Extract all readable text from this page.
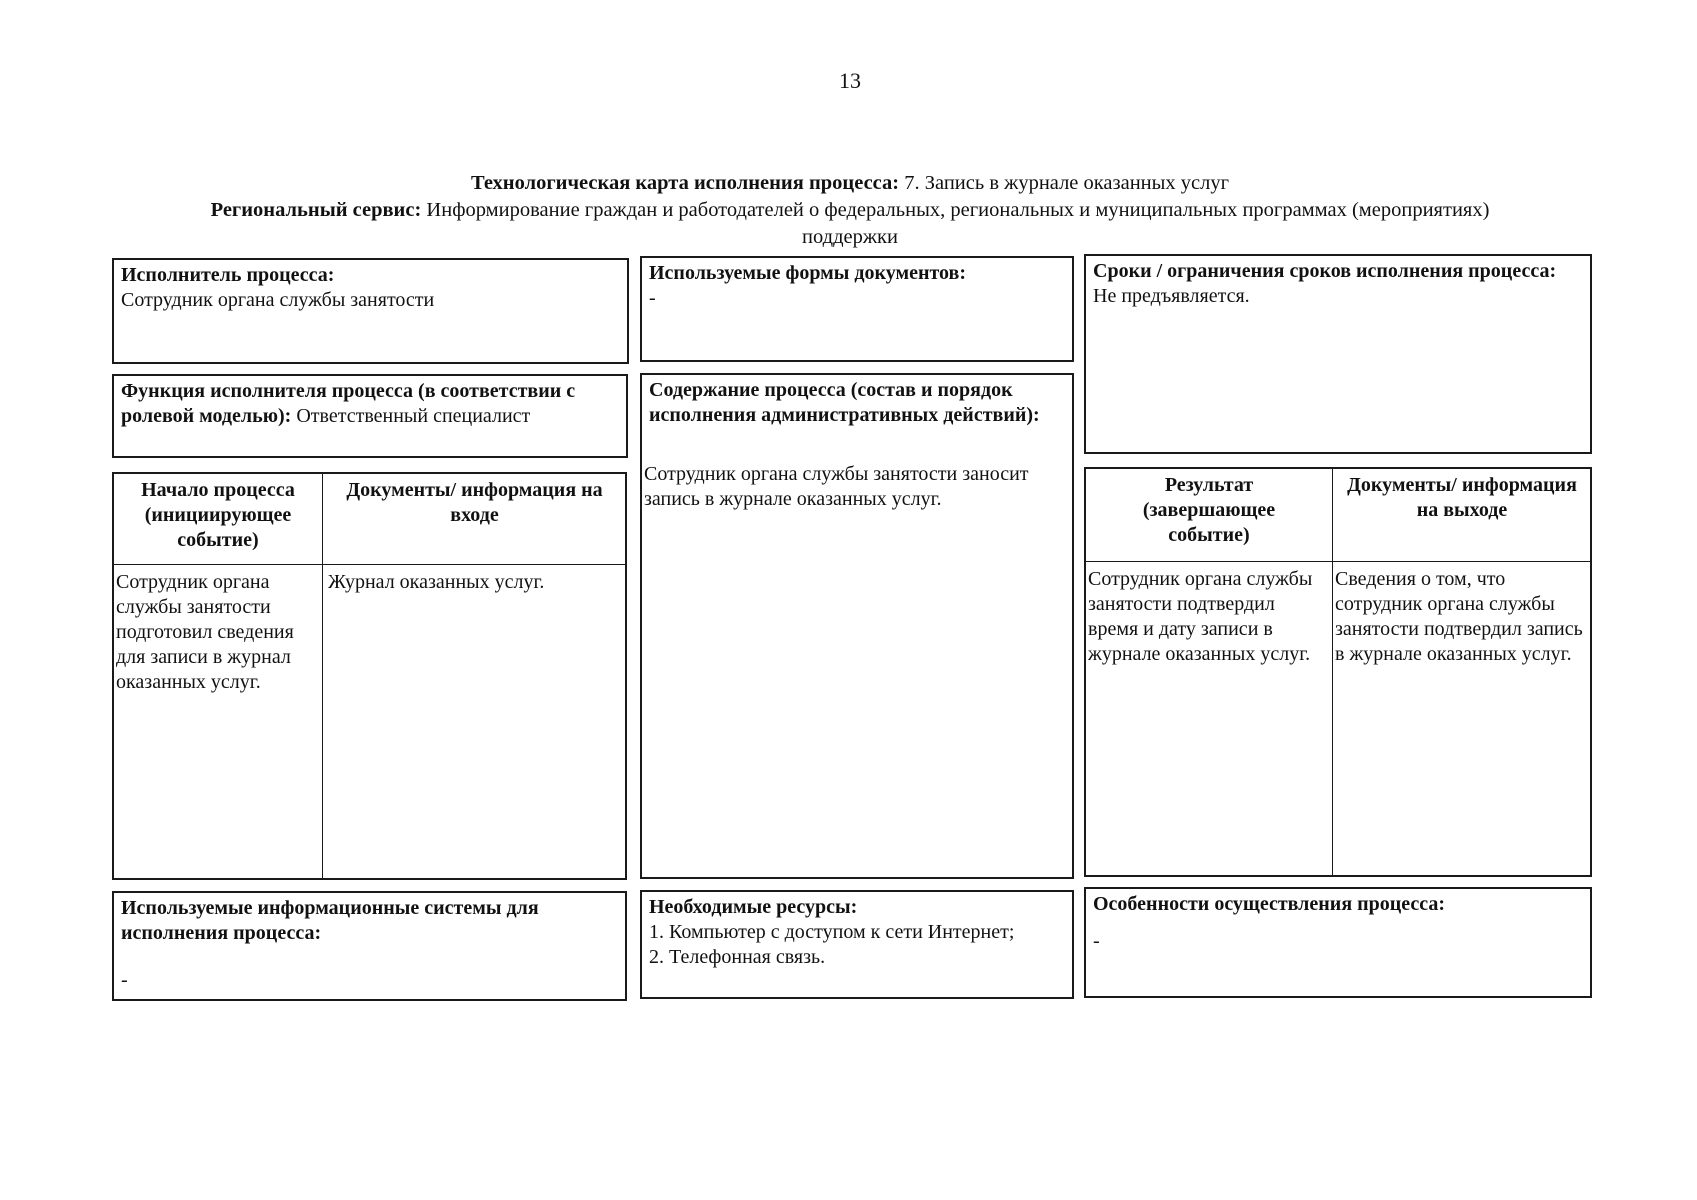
13
Технологическая карта исполнения процесса: 7. Запись в журнале оказанных услуг
Региональный сервис: Информирование граждан и работодателей о федеральных, региональных и муниципальных программах (мероприятиях)
поддержки
Исполнитель процесса:
Сотрудник органа службы занятости
Используемые формы документов:
-
Сроки / ограничения сроков исполнения процесса:
Не предъявляется.
Функция исполнителя процесса (в соответствии с ролевой моделью): Ответственный специалист
Содержание процесса (состав и порядок исполнения административных действий):
Сотрудник органа службы занятости заносит запись в журнале оказанных услуг.
Начало процесса (инициирующее событие)
Документы/ информация на входе
Сотрудник органа службы занятости подготовил сведения для записи в журнал оказанных услуг.
Журнал оказанных услуг.
Результат (завершающее событие)
Документы/ информация на выходе
Сотрудник органа службы занятости подтвердил время и дату записи в журнале оказанных услуг.
Сведения о том, что сотрудник органа службы занятости подтвердил запись в журнале оказанных услуг.
Используемые информационные системы для исполнения процесса:
-
Необходимые ресурсы:
1. Компьютер с доступом к сети Интернет;
2. Телефонная связь.
Особенности осуществления процесса:
-
